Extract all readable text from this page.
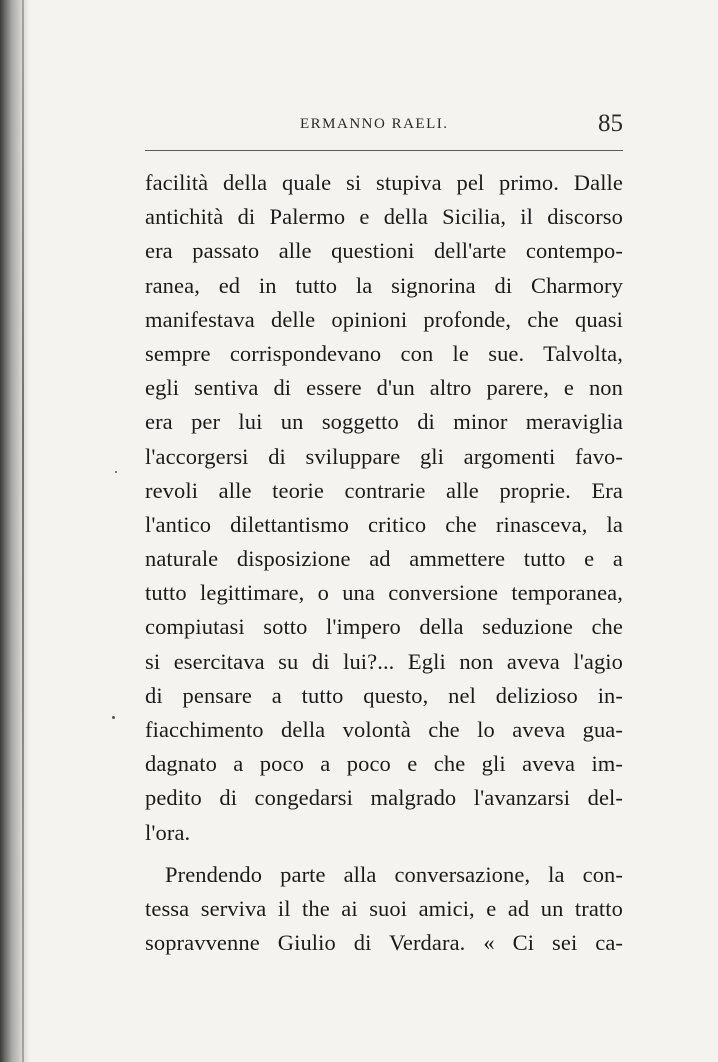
ERMANNO RAELI.	85
facilità della quale si stupiva pel primo. Dalle
antichità di Palermo e della Sicilia, il discorso
era passato alle questioni dell'arte contempo-
ranea, ed in tutto la signorina di Charmory
manifestava delle opinioni profonde, che quasi
sempre corrispondevano con le sue. Talvolta,
egli sentiva di essere d'un altro parere, e non
era per lui un soggetto di minor meraviglia
l'accorgersi di sviluppare gli argomenti favo-
revoli alle teorie contrarie alle proprie. Era
l'antico dilettantismo critico che rinasceva, la
naturale disposizione ad ammettere tutto e a
tutto legittimare, o una conversione temporanea,
compiutasi sotto l'impero della seduzione che
si esercitava su di lui?... Egli non aveva l'agio
di pensare a tutto questo, nel delizioso in-
fiacchimento della volontà che lo aveva gua-
dagnato a poco a poco e che gli aveva im-
pedito di congedarsi malgrado l'avanzarsi del-
l'ora.
Prendendo parte alla conversazione, la con-
tessa serviva il the ai suoi amici, e ad un tratto
sopravvenne Giulio di Verdara. « Ci sei ca-
